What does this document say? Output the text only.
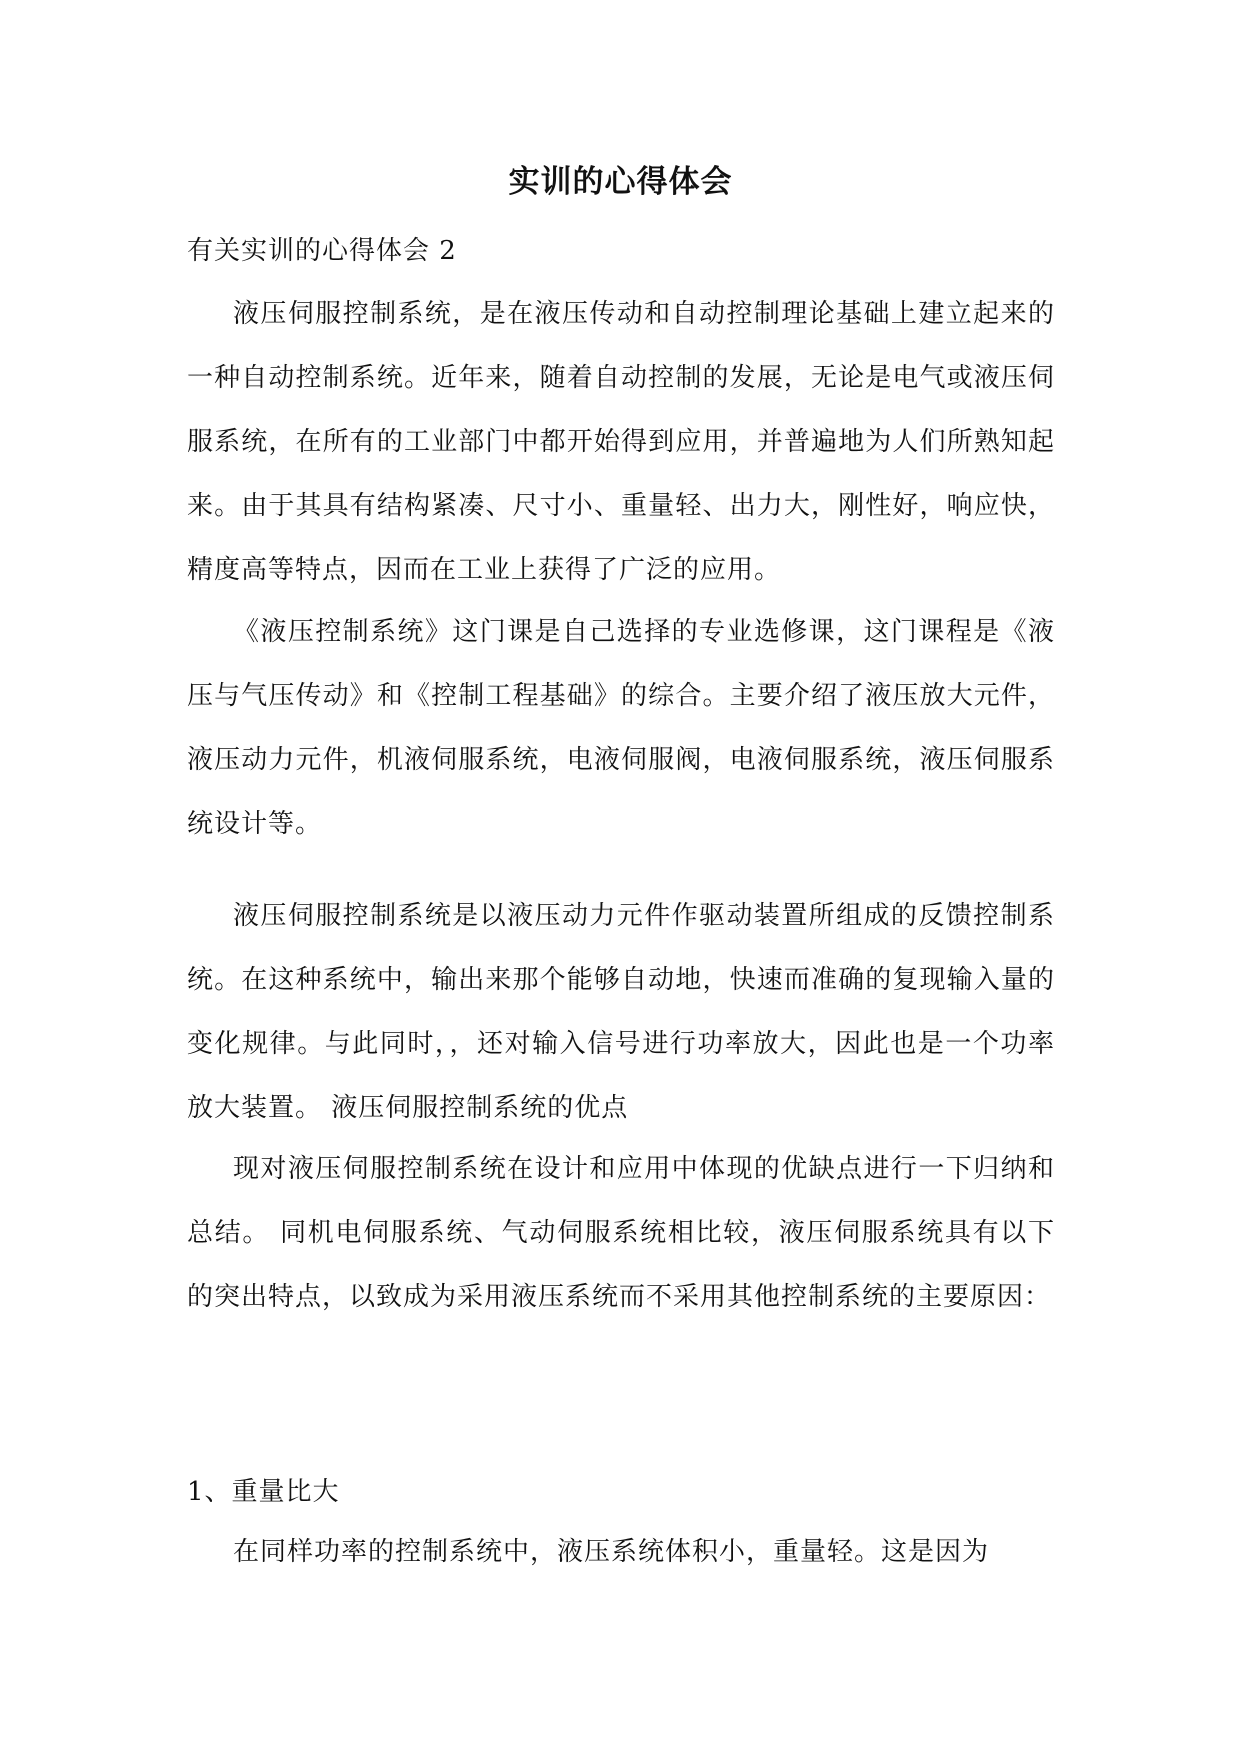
实训的心得体会
有关实训的心得体会 2
液压伺服控制系统，是在液压传动和自动控制理论基础上建立起来的一种自动控制系统。近年来，随着自动控制的发展，无论是电气或液压伺服系统，在所有的工业部门中都开始得到应用，并普遍地为人们所熟知起来。由于其具有结构紧凑、尺寸小、重量轻、出力大，刚性好，响应快，精度高等特点，因而在工业上获得了广泛的应用。
《液压控制系统》这门课是自己选择的专业选修课，这门课程是《液压与气压传动》和《控制工程基础》的综合。主要介绍了液压放大元件，液压动力元件，机液伺服系统，电液伺服阀，电液伺服系统，液压伺服系统设计等。
液压伺服控制系统是以液压动力元件作驱动装置所组成的反馈控制系统。在这种系统中，输出来那个能够自动地，快速而准确的复现输入量的变化规律。与此同时，，还对输入信号进行功率放大，因此也是一个功率放大装置。 液压伺服控制系统的优点
现对液压伺服控制系统在设计和应用中体现的优缺点进行一下归纳和总结。 同机电伺服系统、气动伺服系统相比较，液压伺服系统具有以下的突出特点，以致成为采用液压系统而不采用其他控制系统的主要原因：
1、重量比大
在同样功率的控制系统中，液压系统体积小，重量轻。这是因为
